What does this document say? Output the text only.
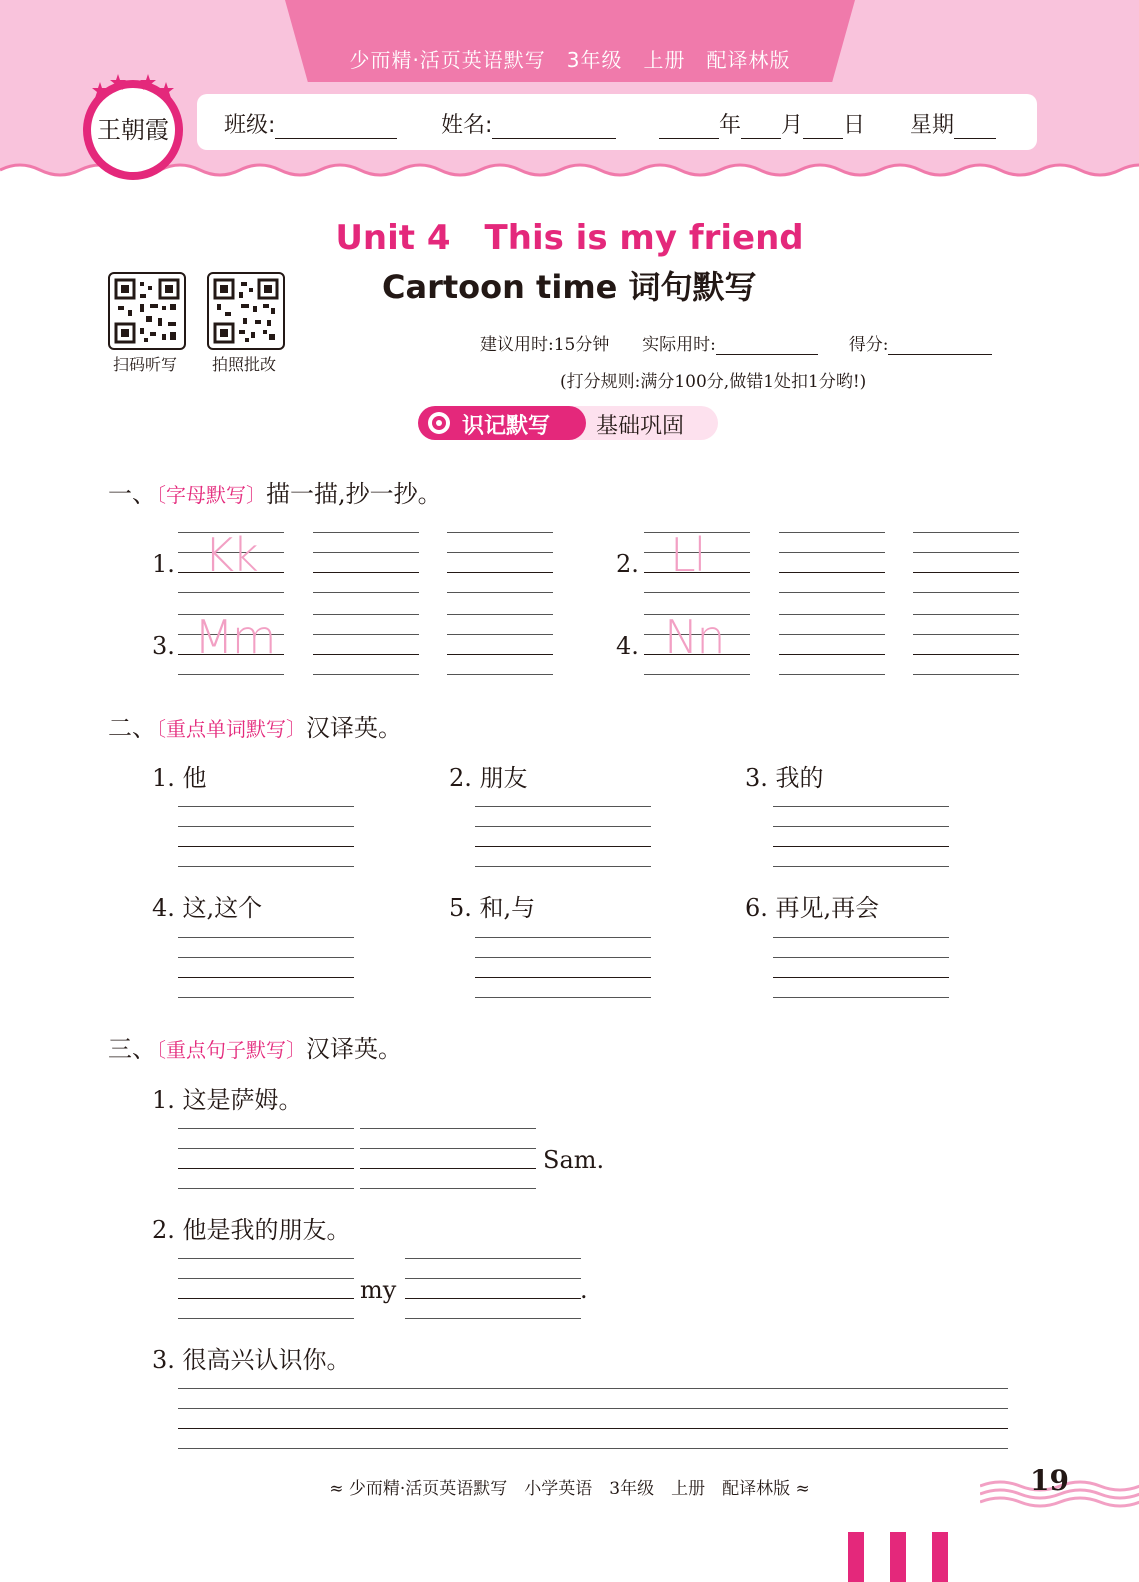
少而精·活页英语默写　3年级　上册　配译林版
班级:	姓名:	年 月 日 星期
王朝霞
Unit 4　This is my friend
Cartoon time 词句默写
扫码听写	拍照批改
建议用时:15分钟 实际用时:	得分:
(打分规则:满分100分,做错1处扣1分哟!)
识记默写 基础巩固
一、〔字母默写〕描一描,抄一抄。
1. Kk	2. Ll
3. Mm	4. Nn
二、〔重点单词默写〕汉译英。
1. 他	2. 朋友	3. 我的
4. 这,这个	5. 和,与	6. 再见,再会
三、〔重点句子默写〕汉译英。
1. 这是萨姆。
Sam.
2. 他是我的朋友。
my	.
3. 很高兴认识你。
≈ 少而精·活页英语默写　小学英语　3年级　上册　配译林版 ≈	19
